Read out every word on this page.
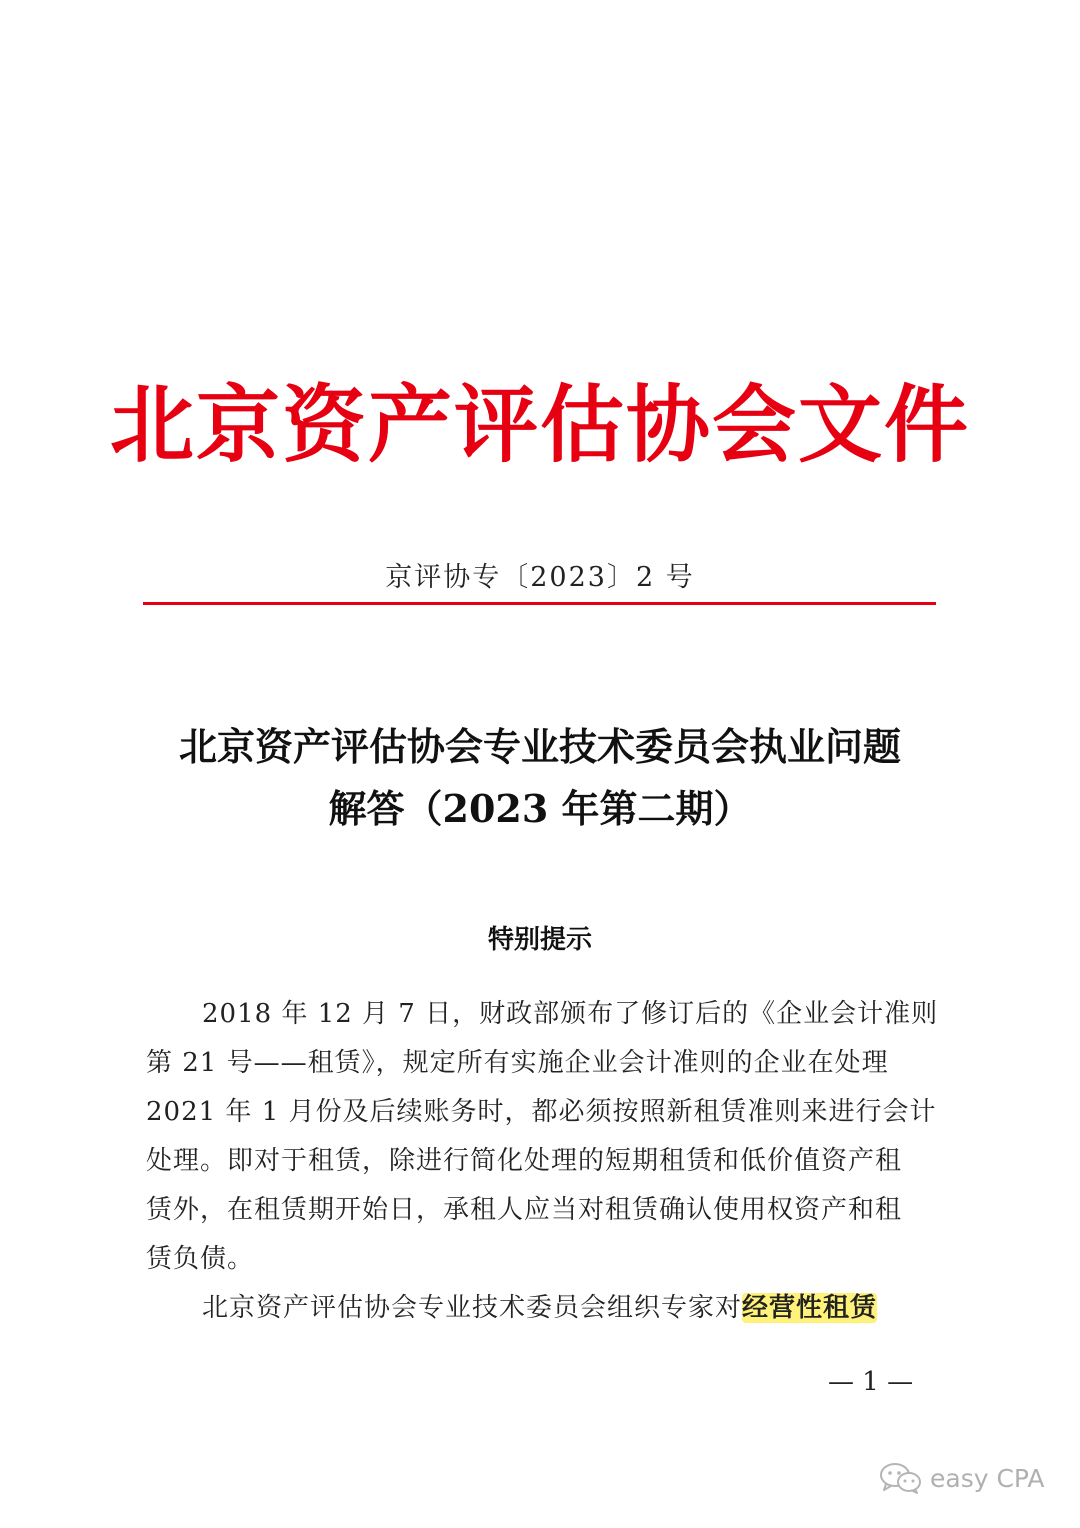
北京资产评估协会文件
京评协专〔2023〕2 号
北京资产评估协会专业技术委员会执业问题
解答（2023 年第二期）
特别提示
2018 年 12 月 7 日，财政部颁布了修订后的《企业会计准则
第 21 号——租赁》，规定所有实施企业会计准则的企业在处理
2021 年 1 月份及后续账务时，都必须按照新租赁准则来进行会计
处理。即对于租赁，除进行简化处理的短期租赁和低价值资产租
赁外，在租赁期开始日，承租人应当对租赁确认使用权资产和租
赁负债。
北京资产评估协会专业技术委员会组织专家对经营性租赁
— 1 —
easy CPA
